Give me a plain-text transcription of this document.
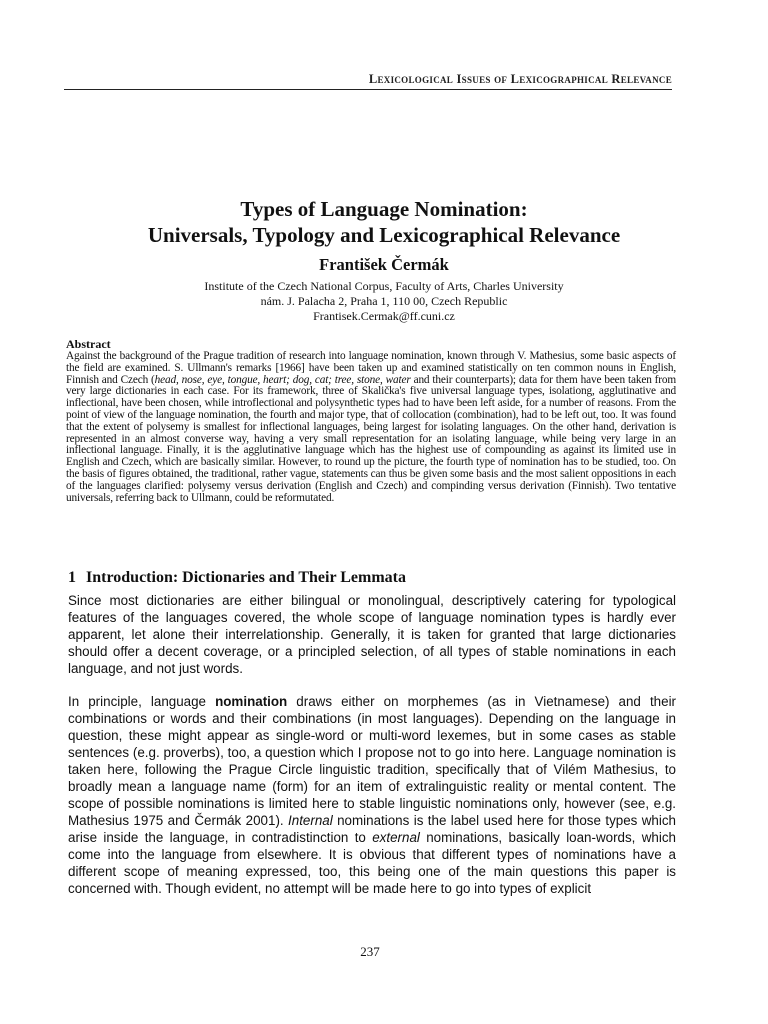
Lexicological Issues of Lexicographical Relevance
Types of Language Nomination:
Universals, Typology and Lexicographical Relevance
František Čermák
Institute of the Czech National Corpus, Faculty of Arts, Charles University
nám. J. Palacha 2, Praha 1, 110 00, Czech Republic
Frantisek.Cermak@ff.cuni.cz
Abstract
Against the background of the Prague tradition of research into language nomination, known through V. Mathesius, some basic aspects of the field are examined. S. Ullmann's remarks [1966] have been taken up and examined statistically on ten common nouns in English, Finnish and Czech (head, nose, eye, tongue, heart; dog, cat; tree, stone, water and their counterparts); data for them have been taken from very large dictionaries in each case. For its framework, three of Skalička's five universal language types, isolationg, agglutinative and inflectional, have been chosen, while introflectional and polysynthetic types had to have been left aside, for a number of reasons. From the point of view of the language nomination, the fourth and major type, that of collocation (combination), had to be left out, too. It was found that the extent of polysemy is smallest for inflectional languages, being largest for isolating languages. On the other hand, derivation is represented in an almost converse way, having a very small representation for an isolating language, while being very large in an inflectional language. Finally, it is the agglutinative language which has the highest use of compounding as against its limited use in English and Czech, which are basically similar. However, to round up the picture, the fourth type of nomination has to be studied, too. On the basis of figures obtained, the traditional, rather vague, statements can thus be given some basis and the most salient oppositions in each of the languages clarified: polysemy versus derivation (English and Czech) and compinding versus derivation (Finnish). Two tentative universals, referring back to Ullmann, could be reformutated.
1 Introduction: Dictionaries and Their Lemmata
Since most dictionaries are either bilingual or monolingual, descriptively catering for typological features of the languages covered, the whole scope of language nomination types is hardly ever apparent, let alone their interrelationship. Generally, it is taken for granted that large dictionaries should offer a decent coverage, or a principled selection, of all types of stable nominations in each language, and not just words.
In principle, language nomination draws either on morphemes (as in Vietnamese) and their combinations or words and their combinations (in most languages). Depending on the language in question, these might appear as single-word or multi-word lexemes, but in some cases as stable sentences (e.g. proverbs), too, a question which I propose not to go into here. Language nomination is taken here, following the Prague Circle linguistic tradition, specifically that of Vilém Mathesius, to broadly mean a language name (form) for an item of extralinguistic reality or mental content. The scope of possible nominations is limited here to stable linguistic nominations only, however (see, e.g. Mathesius 1975 and Čermák 2001). Internal nominations is the label used here for those types which arise inside the language, in contradistinction to external nominations, basically loan-words, which come into the language from elsewhere. It is obvious that different types of nominations have a different scope of meaning expressed, too, this being one of the main questions this paper is concerned with. Though evident, no attempt will be made here to go into types of explicit
237
